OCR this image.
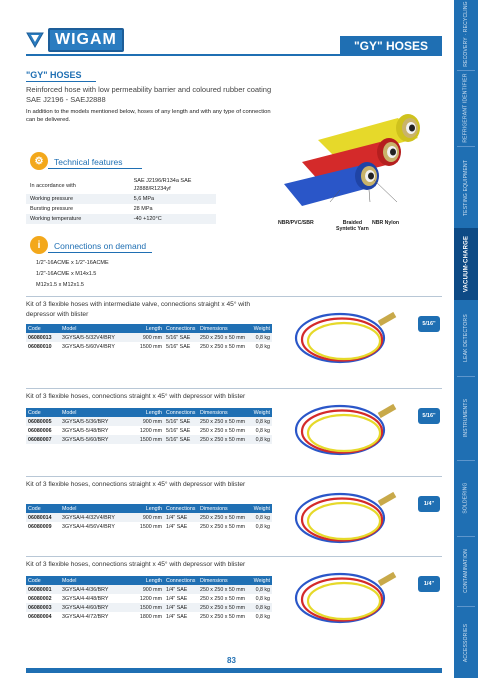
WIGAM	"GY" HOSES	RECOVERY · RECYCLING
REFRIGERANT IDENTIFIER
TESTING EQUIPMENT
VACUUM·CHARGE
LEAK DETECTORS
INSTRUMENTS
SOLDERING
CONTAMINATION
ACCESSORIES
"GY" HOSES
Reinforced hose with low permeability barrier and coloured rubber coating SAE J2196 - SAEJ2888
In addition to the models mentioned below, hoses of any length and with any type of connection can be delivered.
⚙	Technical features
In accordance with	SAE J2196/R134a SAE J2888/R1234yf
Working pressure	5,6 MPa
Bursting pressure	28 MPa
Working temperature	-40 +120°C
i	Connections on demand
1/2"-16ACME x 1/2"-16ACME
1/2"-16ACME x M14x1.5
M12x1.5 x M12x1.5
NBR/PVC/SBR	Braided
Syntetic Yarn
NBR Nylon
Kit of 3 flexible hoses with intermediate valve, connections straight x 45° with depressor with blister
Code	Model	Length	Connections	Dimensions	Weight
06080013	3GYSA/5-5/32V4/BRY	900 mm	5/16" SAE	250 x 250 x 50 mm	0,8 kg
06080010	3GYSA/5-5/60V4/BRY	1500 mm	5/16" SAE	250 x 250 x 50 mm	0,8 kg
5/16"
Kit of 3 flexible hoses, connections straight x 45° with depressor with blister
Code	Model	Length	Connections	Dimensions	Weight
06080005	3GYSA/5-5/36/BRY	900 mm	5/16" SAE	250 x 250 x 50 mm	0,8 kg
06080006	3GYSA/5-5/48/BRY	1200 mm	5/16" SAE	250 x 250 x 50 mm	0,8 kg
06080007	3GYSA/5-5/60/BRY	1500 mm	5/16" SAE	250 x 250 x 50 mm	0,8 kg
5/16"
Kit of 3 flexible hoses, connections straight x 45° with depressor with blister
Code	Model	Length	Connections	Dimensions	Weight
06080014	3GYSA/4-4/32V4/BRY	900 mm	1/4" SAE	250 x 250 x 50 mm	0,8 kg
06080009	3GYSA/4-4/56V4/BRY	1500 mm	1/4" SAE	250 x 250 x 50 mm	0,8 kg
1/4"
Kit of 3 flexible hoses, connections straight x 45° with depressor with blister
Code	Model	Length	Connections	Dimensions	Weight
06080001	3GYSA/4-4/36/BRY	900 mm	1/4" SAE	250 x 250 x 50 mm	0,8 kg
06080002	3GYSA/4-4/48/BRY	1200 mm	1/4" SAE	250 x 250 x 50 mm	0,8 kg
06080003	3GYSA/4-4/60/BRY	1500 mm	1/4" SAE	250 x 250 x 50 mm	0,8 kg
06080004	3GYSA/4-4/72/BRY	1800 mm	1/4" SAE	250 x 250 x 50 mm	0,8 kg
1/4"
83
